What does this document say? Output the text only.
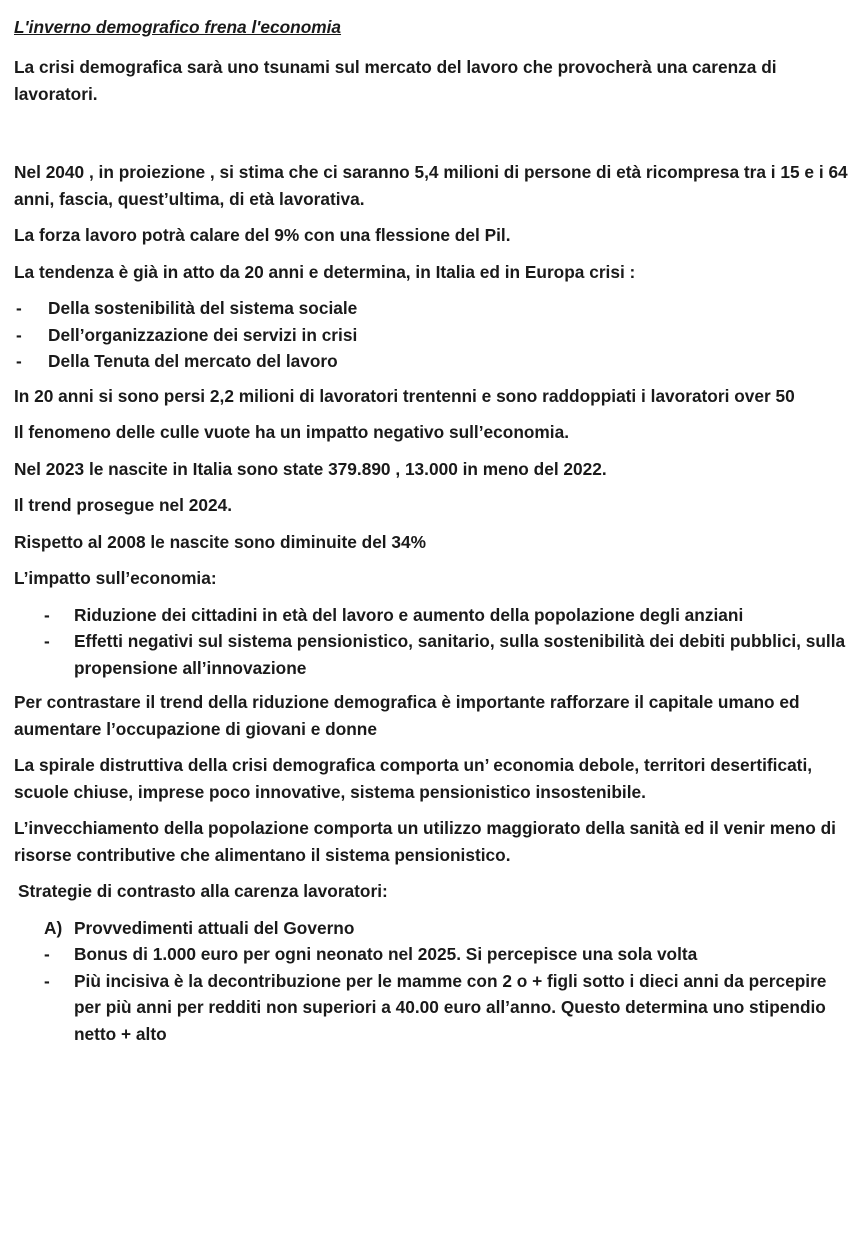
L'inverno demografico frena l'economia

La crisi demografica sarà uno tsunami sul mercato del lavoro che provocherà una carenza di lavoratori.

Nel 2040 , in proiezione , si stima che ci saranno 5,4 milioni di persone di età ricompresa tra i 15 e i 64 anni, fascia, quest’ultima, di età lavorativa.

La forza lavoro potrà calare del 9% con una flessione del Pil.

La tendenza è già in atto da 20 anni e determina, in Italia ed in Europa crisi :

- Della sostenibilità del sistema sociale
- Dell’organizzazione dei servizi in crisi
- Della Tenuta del mercato del lavoro

In 20 anni si sono persi 2,2 milioni di lavoratori trentenni e sono raddoppiati i lavoratori over 50

Il fenomeno delle culle vuote ha un impatto negativo sull’economia.

Nel 2023 le nascite in Italia sono state 379.890 , 13.000 in meno del 2022.

Il trend prosegue nel 2024.

Rispetto al 2008 le nascite sono diminuite del 34%

L’impatto sull’economia:

- Riduzione dei cittadini in età del lavoro e aumento della popolazione degli anziani
- Effetti negativi sul sistema pensionistico, sanitario, sulla sostenibilità dei debiti pubblici, sulla propensione all’innovazione

Per contrastare il trend della riduzione demografica è importante rafforzare il capitale umano ed aumentare l’occupazione di giovani e donne

La spirale distruttiva della crisi demografica comporta un’ economia debole, territori desertificati, scuole chiuse, imprese poco innovative, sistema pensionistico insostenibile.

L’invecchiamento della popolazione comporta un utilizzo maggiorato della sanità ed il venir meno di risorse contributive che alimentano il sistema pensionistico.

Strategie di contrasto alla carenza lavoratori:

A) Provvedimenti attuali del Governo
- Bonus di 1.000 euro per ogni neonato nel 2025. Si percepisce una sola volta
- Più incisiva è la decontribuzione per le mamme con 2 o + figli sotto i dieci anni da percepire per più anni per redditi non superiori a 40.00 euro all’anno. Questo determina uno stipendio netto + alto
